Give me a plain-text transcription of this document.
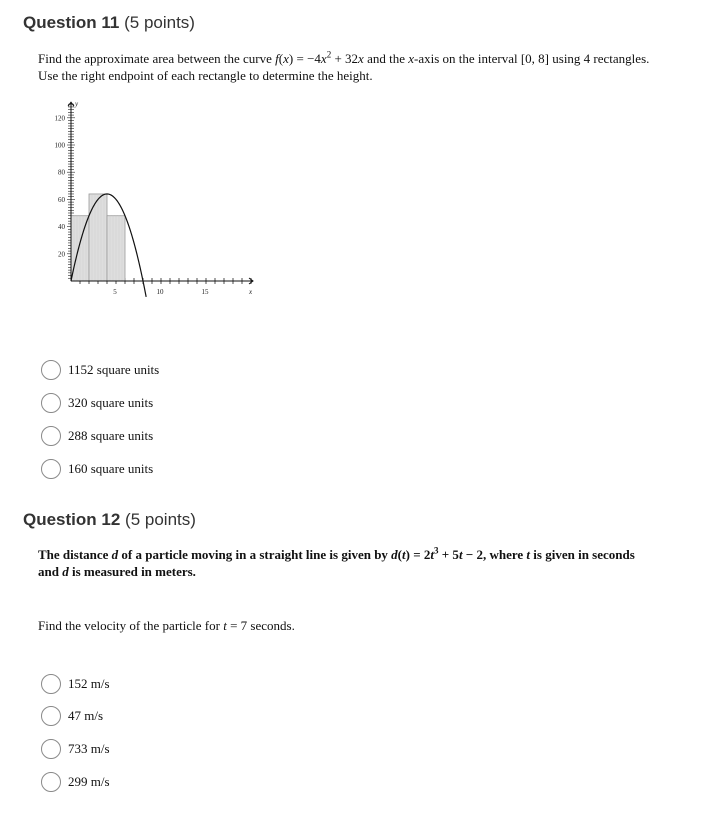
Question 11 (5 points)
Find the approximate area between the curve $f(x) = -4x^2 + 32x$ and the x-axis on the interval [0, 8] using 4 rectangles.
Use the right endpoint of each rectangle to determine the height.
y
x
20
40
60
80
100
120
5	10	15
1152 square units
320 square units
288 square units
160 square units
Question 12 (5 points)
The distance d of a particle moving in a straight line is given by $d(t) = 2t^3 + 5t - 2$, where t is given in seconds
and d is measured in meters.
Find the velocity of the particle for t = 7 seconds.
152 m/s
47 m/s
733 m/s
299 m/s
